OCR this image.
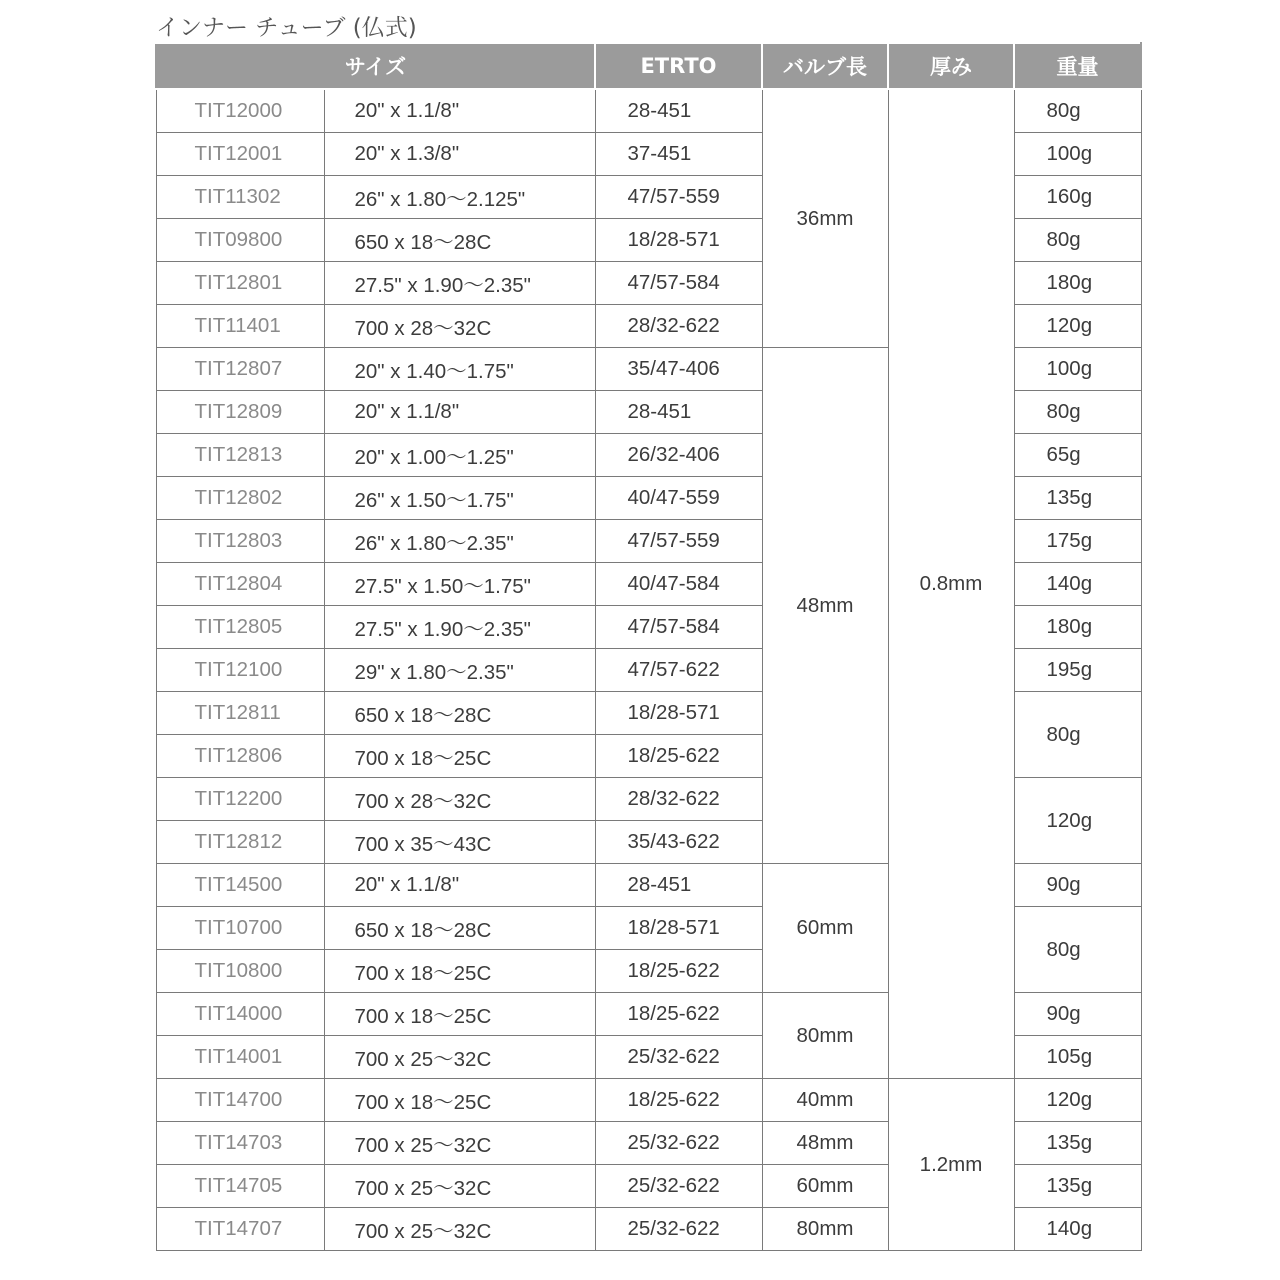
インナー チューブ (仏式)
サイズ		ETRTO	バルブ長	厚み	重量
TIT12000	20" x 1.1/8"	28-451	36mm	0.8mm	80g
TIT12001	20" x 1.3/8"	37-451			100g
TIT11302	26" x 1.80〜2.125"	47/57-559			160g
TIT09800	650 x 18〜28C	18/28-571			80g
TIT12801	27.5" x 1.90〜2.35"	47/57-584			180g
TIT11401	700 x 28〜32C	28/32-622			120g
TIT12807	20" x 1.40〜1.75"	35/47-406	48mm		100g
TIT12809	20" x 1.1/8"	28-451			80g
TIT12813	20" x 1.00〜1.25"	26/32-406			65g
TIT12802	26" x 1.50〜1.75"	40/47-559			135g
TIT12803	26" x 1.80〜2.35"	47/57-559			175g
TIT12804	27.5" x 1.50〜1.75"	40/47-584			140g
TIT12805	27.5" x 1.90〜2.35"	47/57-584			180g
TIT12100	29" x 1.80〜2.35"	47/57-622			195g
TIT12811	650 x 18〜28C	18/28-571			80g
TIT12806	700 x 18〜25C	18/25-622			
TIT12200	700 x 28〜32C	28/32-622			120g
TIT12812	700 x 35〜43C	35/43-622			
TIT14500	20" x 1.1/8"	28-451	60mm		90g
TIT10700	650 x 18〜28C	18/28-571			80g
TIT10800	700 x 18〜25C	18/25-622			
TIT14000	700 x 18〜25C	18/25-622	80mm		90g
TIT14001	700 x 25〜32C	25/32-622			105g
TIT14700	700 x 18〜25C	18/25-622	40mm	1.2mm	120g
TIT14703	700 x 25〜32C	25/32-622	48mm		135g
TIT14705	700 x 25〜32C	25/32-622	60mm		135g
TIT14707	700 x 25〜32C	25/32-622	80mm		140g
